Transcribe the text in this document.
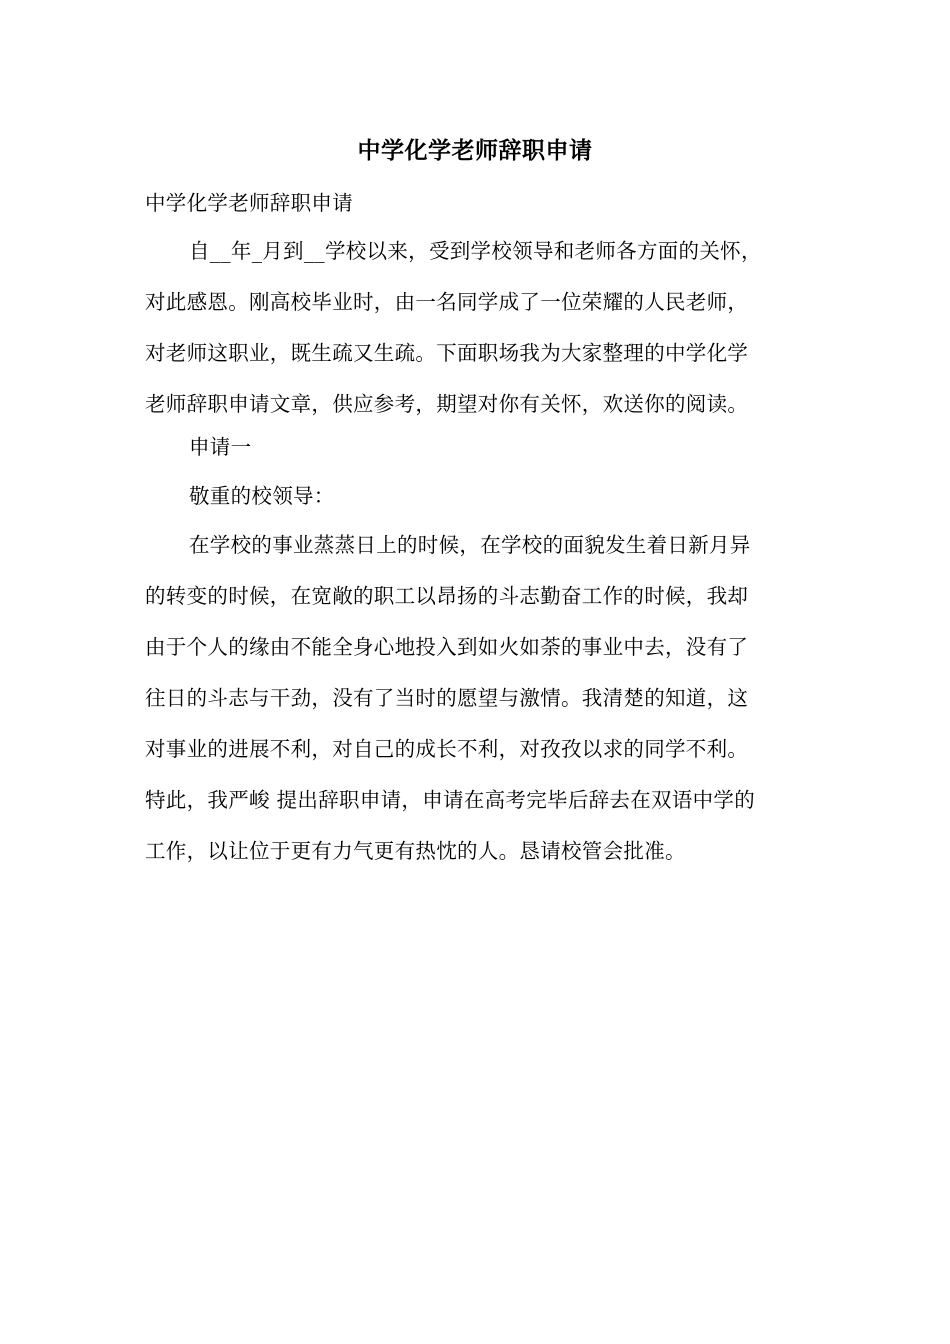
中学化学老师辞职申请
中学化学老师辞职申请
自__年_月到__学校以来，受到学校领导和老师各方面的关怀，
对此感恩。刚高校毕业时，由一名同学成了一位荣耀的人民老师，
对老师这职业，既生疏又生疏。下面职场我为大家整理的中学化学
老师辞职申请文章，供应参考，期望对你有关怀，欢送你的阅读。
申请一
敬重的校领导：
在学校的事业蒸蒸日上的时候，在学校的面貌发生着日新月异
的转变的时候，在宽敞的职工以昂扬的斗志勤奋工作的时候，我却
由于个人的缘由不能全身心地投入到如火如荼的事业中去，没有了
往日的斗志与干劲，没有了当时的愿望与激情。我清楚的知道，这
对事业的进展不利，对自己的成长不利，对孜孜以求的同学不利。
特此，我严峻 提出辞职申请，申请在高考完毕后辞去在双语中学的
工作，以让位于更有力气更有热忱的人。恳请校管会批准。
